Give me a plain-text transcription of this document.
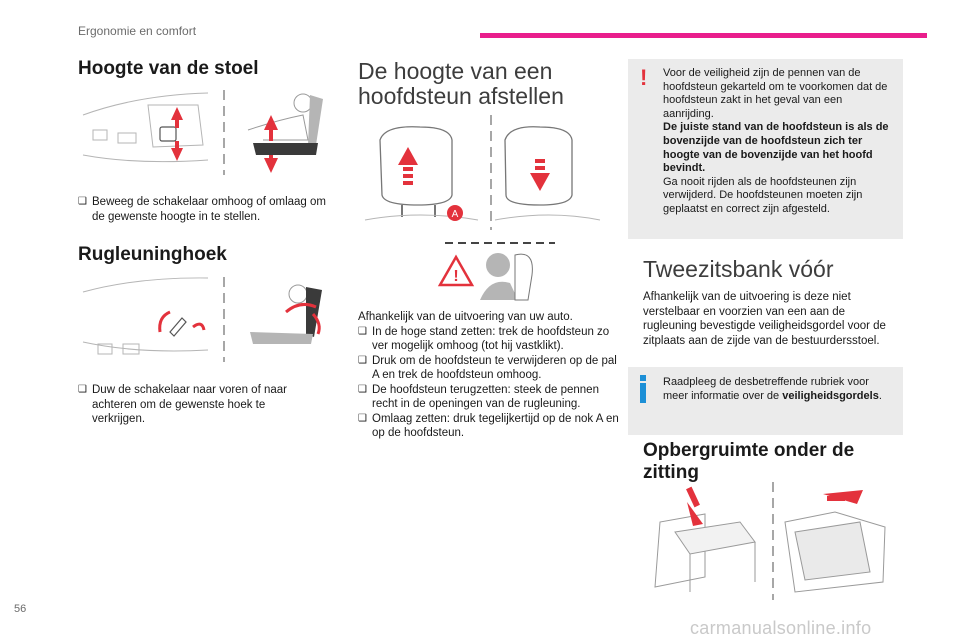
Ergonomie en comfort
Hoogte van de stoel
❑ Beweeg de schakelaar omhoog of omlaag om de gewenste hoogte in te stellen.
Rugleuninghoek
❑ Duw de schakelaar naar voren of naar achteren om de gewenste hoek te verkrijgen.
De hoogte van een
hoofdsteun afstellen
A
!
Afhankelijk van de uitvoering van uw auto.
❑ In de hoge stand zetten: trek de hoofdsteun zo ver mogelijk omhoog (tot hij vastklikt).
❑ Druk om de hoofdsteun te verwijderen op de pal A en trek de hoofdsteun omhoog.
❑ De hoofdsteun terugzetten: steek de pennen recht in de openingen van de rugleuning.
❑ Omlaag zetten: druk tegelijkertijd op de nok A en op de hoofdsteun.
! Voor de veiligheid zijn de pennen van de hoofdsteun gekarteld om te voorkomen dat de hoofdsteun zakt in het geval van een aanrijding.
De juiste stand van de hoofdsteun is als de bovenzijde van de hoofdsteun zich ter hoogte van de bovenzijde van het hoofd bevindt.
Ga nooit rijden als de hoofdsteunen zijn verwijderd. De hoofdsteunen moeten zijn geplaatst en correct zijn afgesteld.
Tweezitsbank vóór
Afhankelijk van de uitvoering is deze niet verstelbaar en voorzien van een aan de rugleuning bevestigde veiligheidsgordel voor de zitplaats aan de zijde van de bestuurdersstoel.
Raadpleeg de desbetreffende rubriek voor meer informatie over de veiligheidsgordels.
Opbergruimte onder de
zitting
56
carmanualsonline.info
